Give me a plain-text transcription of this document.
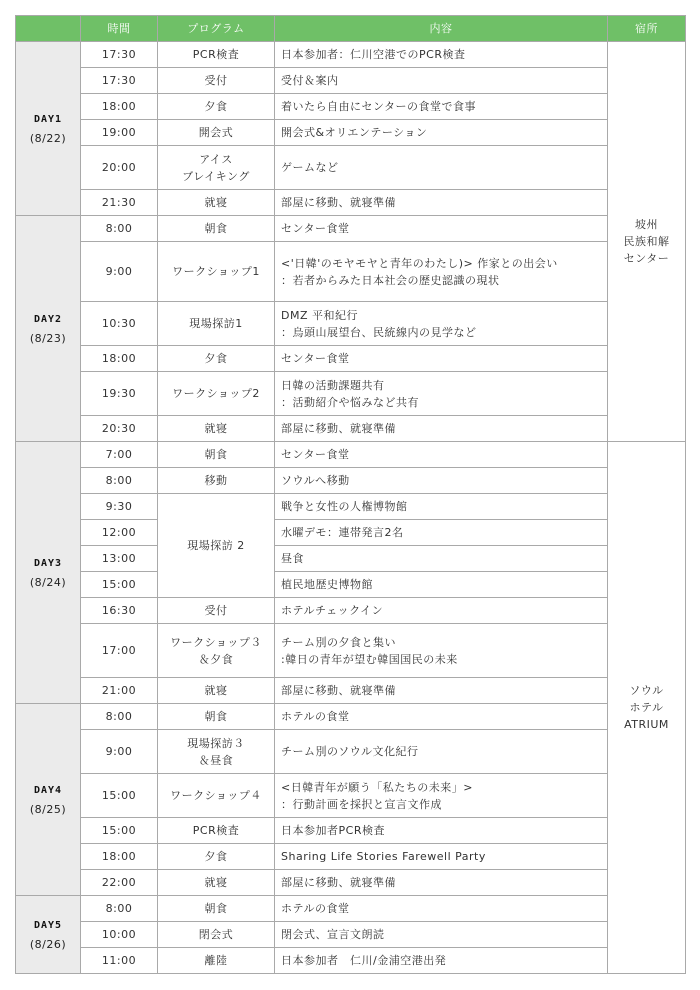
	時間	プログラム	内容	宿所

DAY1
(8/22)	17:30	PCR検査	日本参加者：仁川空港でのPCR検査	坡州
民族和解
センター

	17:30	受付	受付＆案内	

	18:00	夕食	着いたら自由にセンターの食堂で食事	

	19:00	開会式	開会式&オリエンテーション	

	20:00	アイス
ブレイキング	ゲームなど	

	21:30	就寝	部屋に移動、就寝準備	

DAY2
(8/23)	8:00	朝食	センター食堂	

	9:00	ワークショップ1	<'日韓'のモヤモヤと青年のわたし)> 作家との出会い
：若者からみた日本社会の歴史認識の現状	

	10:30	現場探訪1	DMZ 平和紀行
：烏頭山展望台、民統線内の見学など	

	18:00	夕食	センター食堂	

	19:30	ワークショップ2	日韓の活動課題共有
：活動紹介や悩みなど共有	

	20:30	就寝	部屋に移動、就寝準備	

DAY3
(8/24)	7:00	朝食	センター食堂	ソウル
ホテル
ATRIUM

	8:00	移動	ソウルへ移動	

	9:30	現場探訪 2	戦争と女性の人権博物館	

	12:00		水曜デモ：連帯発言2名	

	13:00		昼食	

	15:00		植民地歴史博物館	

	16:30	受付	ホテルチェックイン	

	17:00	ワークショップ３
＆夕食	チーム別の夕食と集い
:韓日の青年が望む韓国国民の未来	

	21:00	就寝	部屋に移動、就寝準備	

DAY4
(8/25)	8:00	朝食	ホテルの食堂	

	9:00	現場探訪３
＆昼食	チーム別のソウル文化紀行	

	15:00	ワークショップ４	<日韓青年が願う「私たちの未来」>
：行動計画を採択と宣言文作成	

	15:00	PCR検査	日本参加者PCR検査	

	18:00	夕食	Sharing Life Stories Farewell Party	

	22:00	就寝	部屋に移動、就寝準備	

DAY5
(8/26)	8:00	朝食	ホテルの食堂	

	10:00	閉会式	閉会式、宣言文朗読	

	11:00	離陸	日本参加者　仁川/金浦空港出発	
